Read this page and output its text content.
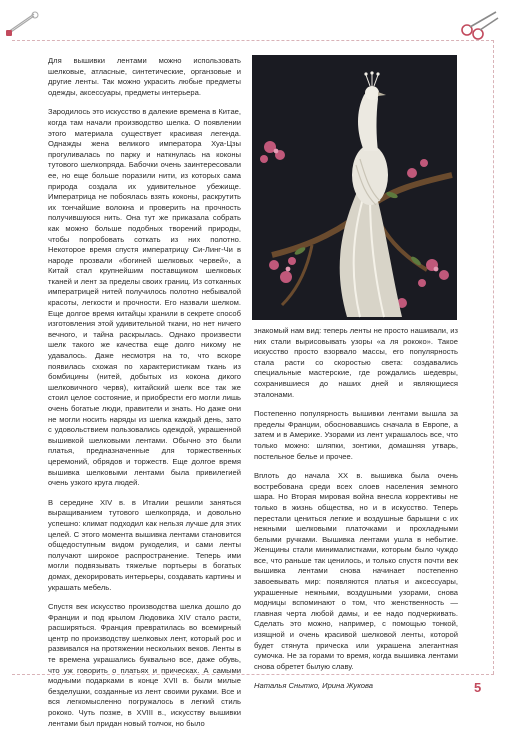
Для вышивки лентами можно использовать шелковые, атласные, синтетические, органзовые и другие ленты. Так можно украсить любые предметы одежды, аксессуары, предметы интерьера.

Зародилось это искусство в далекие времена в Китае, когда там начали производство шелка. О появлении этого материала существует красивая легенда. Однажды жена великого императора Хуа-Цзы прогуливалась по парку и наткнулась на коконы тутового шелкопряда. Бабочки очень заинтересовали ее, но еще больше поразили нити, из которых сама природа создала их удивительное убежище. Императрица не побоялась взять коконы, раскрутить их тончайшие волокна и проверить на прочность получившуюся нить. Она тут же приказала собрать как можно больше подобных творений природы, чтобы попробовать соткать из них полотно. Некоторое время спустя императрицу Си-Линг-Чи в народе прозвали «богиней шелковых червей», а Китай стал крупнейшим поставщиком шелковых тканей и лент за пределы своих границ. Из сотканных императрицей нитей получилось полотно небывалой красоты, легкости и прочности. Его назвали шелком. Еще долгое время китайцы хранили в секрете способ изготовления этой удивительной ткани, но нет ничего вечного, и тайна раскрылась. Однако произвести шелк такого же качества еще долго никому не удавалось. Даже несмотря на то, что вскоре появилась схожая по характеристикам ткань из бомбицины (нитей, добытых из кокона дикого шелковичного червя), китайский шелк все так же стоил целое состояние, и приобрести его могли лишь очень богатые люди, правители и знать. Но даже они не могли носить наряды из шелка каждый день, зато с удовольствием пользовались одеждой, украшенной вышивкой шелковыми лентами. Обычно это были платья, предназначенные для торжественных церемоний, обрядов и торжеств. Еще долгое время вышивка шелковыми лентами была привилегией очень узкого круга людей.

В середине XIV в. в Италии решили заняться выращиванием тутового шелкопряда, и довольно успешно: климат подходил как нельзя лучше для этих целей. С этого момента вышивка лентами становится общедоступным видом рукоделия, и сами ленты получают широкое распространение. Теперь ими могли подвязывать тяжелые портьеры в богатых домах, декорировать интерьеры, создавать картины и украшать мебель.

Спустя век искусство производства шелка дошло до Франции и под крылом Людовика XIV стало расти, расширяться. Франция превратилась во всемирный центр по производству шелковых лент, который рос и развивался на протяжении нескольких веков. Ленты в те времена украшались буквально все, даже обувь, что уж говорить о платьях и прическах. А самыми модными подарками в конце XVII в. были милые безделушки, созданные из лент своими руками. Все и вся легкомысленно погружалось в легкий стиль рококо. Чуть позже, в XVIII в., искусству вышивки лентами был придан новый толчок, но было

знакомый нам вид: теперь ленты не просто нашивали, из них стали вырисовывать узоры «а ля рококо». Такое искусство просто взорвало массы, его популярность стала расти со скоростью света: создавались специальные мастерские, где рождались шедевры, сохранившиеся до наших дней и являющиеся эталонами.

Постепенно популярность вышивки лентами вышла за пределы Франции, обосновавшись сначала в Европе, а затем и в Америке. Узорами из лент украшалось все, что только можно: шляпки, зонтики, домашняя утварь, постельное белье и прочее.

Вплоть до начала XX в. вышивка была очень востребована среди всех слоев населения земного шара. Но Вторая мировая война внесла коррективы не только в жизнь общества, но и в искусство. Теперь перестали цениться легкие и воздушные барышни с их нежными шелковыми платочками и прохладными белыми ручками. Вышивка лентами ушла в небытие. Женщины стали минималистками, которым было чуждо все, что раньше так ценилось, и только спустя почти век вышивка лентами снова начинает постепенно завоевывать мир: появляются платья и аксессуары, украшенные нежными, воздушными узорами, снова модницы вспоминают о том, что женственность — главная черта любой дамы, и ее надо подчеркивать. Сделать это можно, например, с помощью тонкой, изящной и очень красивой шелковой ленты, которой будет стянута прическа или украшена элегантная сумочка. Не за горами то время, когда вышивка лентами снова обретет былую славу.

Наталья Снытко, Ирина Жукова	5
